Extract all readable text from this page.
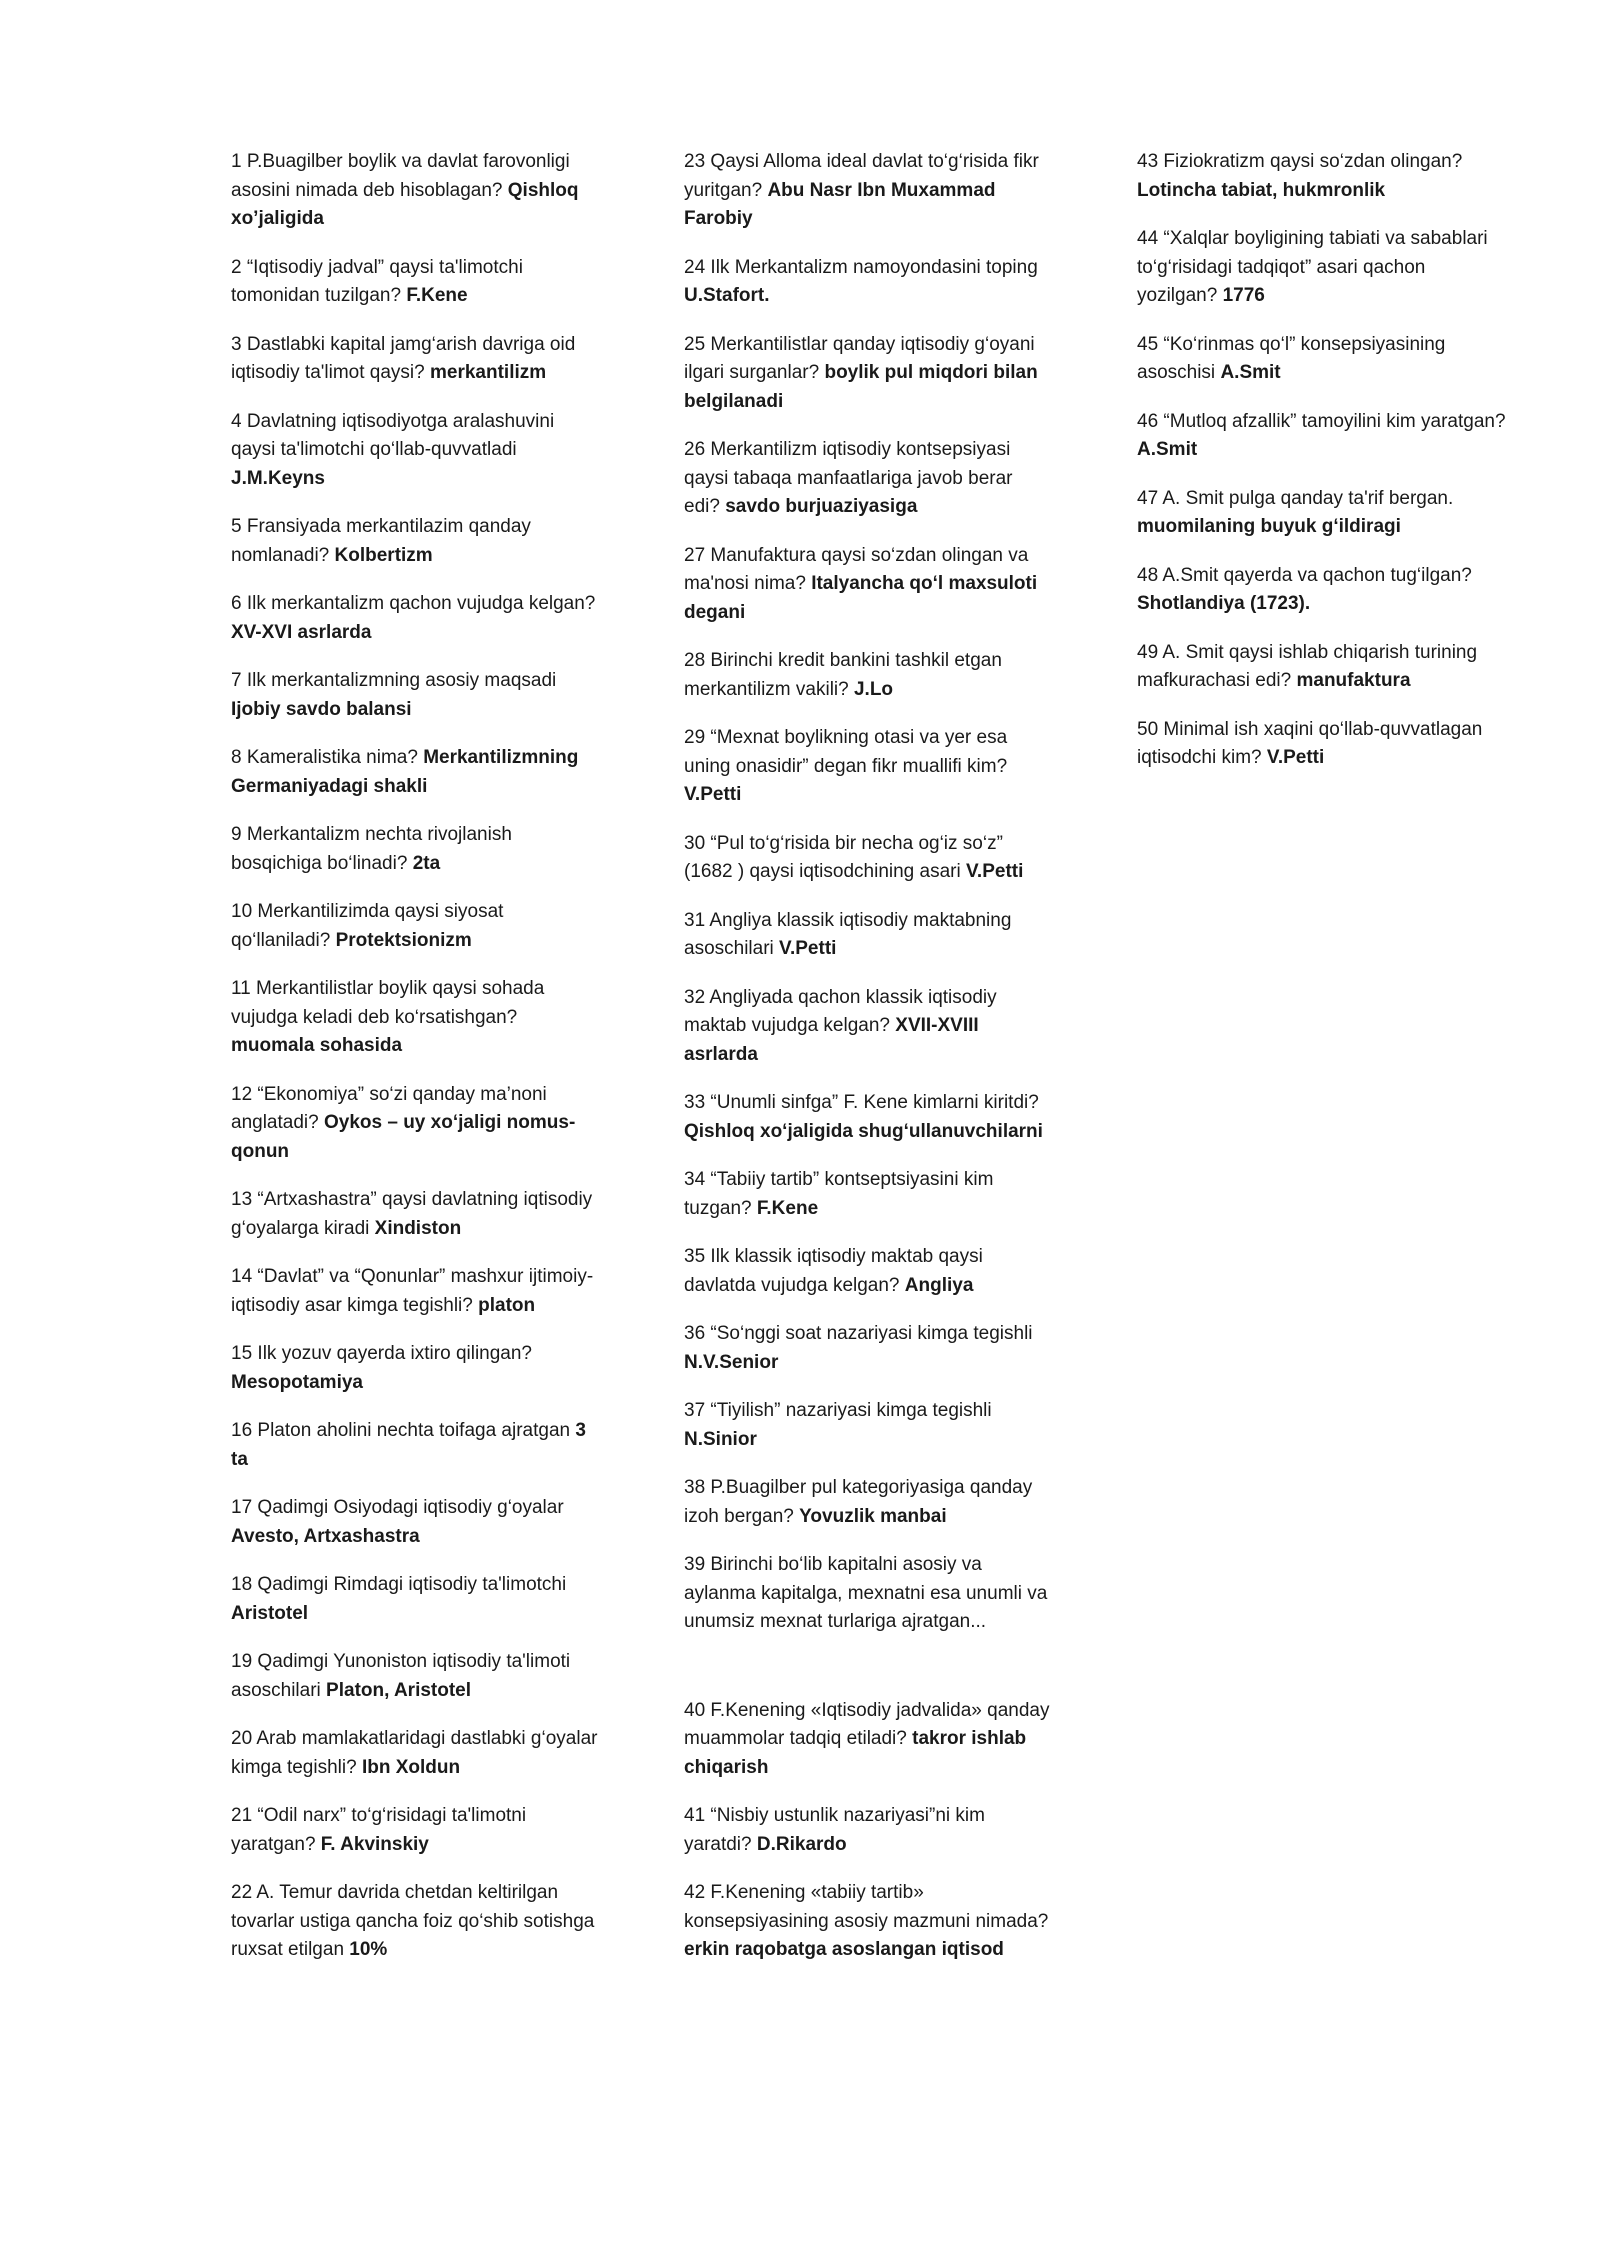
1 P.Buagilber boylik va davlat farovonligi asosini nimada deb hisoblagan? Qishloq xo’jaligida

2 “Iqtisodiy jadval” qaysi ta'limotchi tomonidan tuzilgan? F.Kene

3 Dastlabki kapital jamg‘arish davriga oid iqtisodiy ta'limot qaysi? merkantilizm

4 Davlatning iqtisodiyotga aralashuvini qaysi ta'limotchi qo‘llab-quvvatladi J.M.Keyns

5 Fransiyada merkantilazim qanday nomlanadi? Kolbertizm

6 Ilk merkantalizm qachon vujudga kelgan? XV-XVI asrlarda

7 Ilk merkantalizmning asosiy maqsadi Ijobiy savdo balansi

8 Kameralistika nima? Merkantilizmning Germaniyadagi shakli

9 Merkantalizm nechta rivojlanish bosqichiga bo‘linadi? 2ta

10 Merkantilizimda qaysi siyosat qo‘llaniladi? Protektsionizm

11 Merkantilistlar boylik qaysi sohada vujudga keladi deb ko‘rsatishgan? muomala sohasida

12 “Ekonomiya” so‘zi qanday ma’noni anglatadi? Oykos – uy xo‘jaligi nomus-qonun

13 “Artxashastra” qaysi davlatning iqtisodiy g‘oyalarga kiradi Xindiston

14 “Davlat” va “Qonunlar” mashxur ijtimoiy-iqtisodiy asar kimga tegishli? platon

15 Ilk yozuv qayerda ixtiro qilingan? Mesopotamiya

16 Platon aholini nechta toifaga ajratgan 3 ta

17 Qadimgi Osiyodagi iqtisodiy g‘oyalar Avesto, Artxashastra

18 Qadimgi Rimdagi iqtisodiy ta'limotchi Aristotel

19 Qadimgi Yunoniston iqtisodiy ta'limoti asoschilari Platon, Aristotel

20 Arab mamlakatlaridagi dastlabki g‘oyalar kimga tegishli? Ibn Xoldun

21 “Odil narx” to‘g‘risidagi ta'limotni yaratgan? F. Akvinskiy

22 A. Temur davrida chetdan keltirilgan tovarlar ustiga qancha foiz qo‘shib sotishga ruxsat etilgan 10%

23 Qaysi Alloma ideal davlat to‘g‘risida fikr yuritgan? Abu Nasr Ibn Muxammad Farobiy

24 Ilk Merkantalizm namoyondasini toping U.Stafort.

25 Merkantilistlar qanday iqtisodiy g‘oyani ilgari surganlar? boylik pul miqdori bilan belgilanadi

26 Merkantilizm iqtisodiy kontsepsiyasi qaysi tabaqa manfaatlariga javob berar edi? savdo burjuaziyasiga

27 Manufaktura qaysi so‘zdan olingan va ma'nosi nima? Italyancha qo‘l maxsuloti degani

28 Birinchi kredit bankini tashkil etgan merkantilizm vakili? J.Lo

29 “Mexnat boylikning otasi va yer esa uning onasidir” degan fikr muallifi kim? V.Petti

30 “Pul to‘g‘risida bir necha og‘iz so‘z” (1682 ) qaysi iqtisodchining asari V.Petti

31 Angliya klassik iqtisodiy maktabning asoschilari V.Petti

32 Angliyada qachon klassik iqtisodiy maktab vujudga kelgan? XVII-XVIII asrlarda

33 “Unumli sinfga” F. Kene kimlarni kiritdi? Qishloq xo‘jaligida shug‘ullanuvchilarni

34 “Tabiiy tartib” kontseptsiyasini kim tuzgan? F.Kene

35 Ilk klassik iqtisodiy maktab qaysi davlatda vujudga kelgan? Angliya

36 “So‘nggi soat nazariyasi kimga tegishli N.V.Senior

37 “Tiyilish” nazariyasi kimga tegishli N.Sinior

38 P.Buagilber pul kategoriyasiga qanday izoh bergan? Yovuzlik manbai

39 Birinchi bo‘lib kapitalni asosiy va aylanma kapitalga, mexnatni esa unumli va unumsiz mexnat turlariga ajratgan...

40 F.Kenening «Iqtisodiy jadvalida» qanday muammolar tadqiq etiladi? takror ishlab chiqarish

41 “Nisbiy ustunlik nazariyasi”ni kim yaratdi? D.Rikardo

42 F.Kenening «tabiiy tartib» konsepsiyasining asosiy mazmuni nimada? erkin raqobatga asoslangan iqtisod

43 Fiziokratizm qaysi so‘zdan olingan? Lotincha tabiat, hukmronlik

44 “Xalqlar boyligining tabiati va sabablari to‘g‘risidagi tadqiqot” asari qachon yozilgan? 1776

45 “Ko‘rinmas qo‘l” konsepsiyasining asoschisi A.Smit

46 “Mutloq afzallik” tamoyilini kim yaratgan? A.Smit

47 A. Smit pulga qanday ta'rif bergan. muomilaning buyuk g‘ildiragi

48 A.Smit qayerda va qachon tug‘ilgan? Shotlandiya (1723).

49 A. Smit qaysi ishlab chiqarish turining mafkurachasi edi? manufaktura

50 Minimal ish xaqini qo‘llab-quvvatlagan iqtisodchi kim? V.Petti
